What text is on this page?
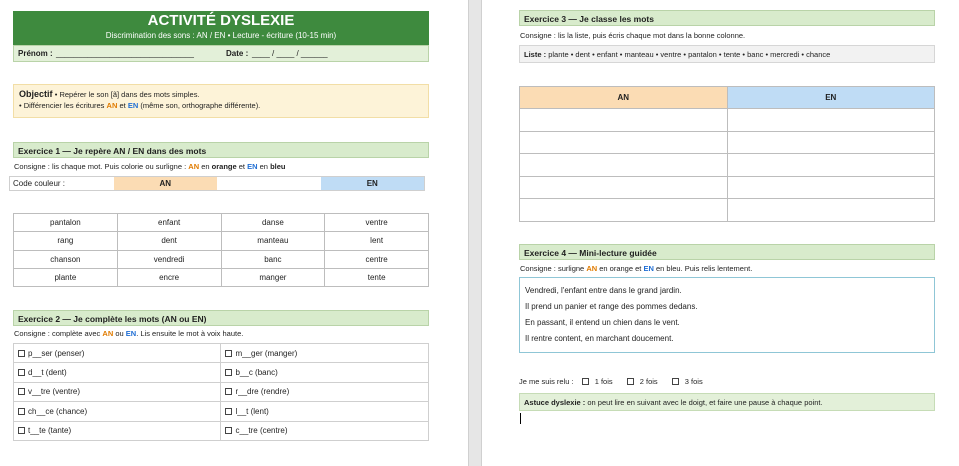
ACTIVITÉ DYSLEXIE
Discrimination des sons : AN / EN • Lecture - écriture (10-15 min)
Prénom : _______________________________	Date : ____ / ____ / ______
Objectif • Repérer le son [ã] dans des mots simples.
• Différencier les écritures AN et EN (même son, orthographe différente).
Exercice 1 — Je repère AN / EN dans des mots
Consigne : lis chaque mot. Puis colorie ou surligne : AN en orange et EN en bleu
Code couleur :	AN	EN
pantalon	enfant	danse	ventre
rang	dent	manteau	lent
chanson	vendredi	banc	centre
plante	encre	manger	tente
Exercice 2 — Je complète les mots (AN ou EN)
Consigne : complète avec AN ou EN. Lis ensuite le mot à voix haute.
p__ser (penser)	m__ger (manger)
d__t (dent)	b__c (banc)
v__tre (ventre)	r__dre (rendre)
ch__ce (chance)	l__t (lent)
t__te (tante)	c__tre (centre)
Exercice 3 — Je classe les mots
Consigne : lis la liste, puis écris chaque mot dans la bonne colonne.
Liste : plante • dent • enfant • manteau • ventre • pantalon • tente • banc • mercredi • chance
AN	EN

Exercice 4 — Mini-lecture guidée
Consigne : surligne AN en orange et EN en bleu. Puis relis lentement.
Vendredi, l'enfant entre dans le grand jardin.
Il prend un panier et range des pommes dedans.
En passant, il entend un chien dans le vent.
Il rentre content, en marchant doucement.
Je me suis relu :	1 fois	2 fois	3 fois
Astuce dyslexie : on peut lire en suivant avec le doigt, et faire une pause à chaque point.
